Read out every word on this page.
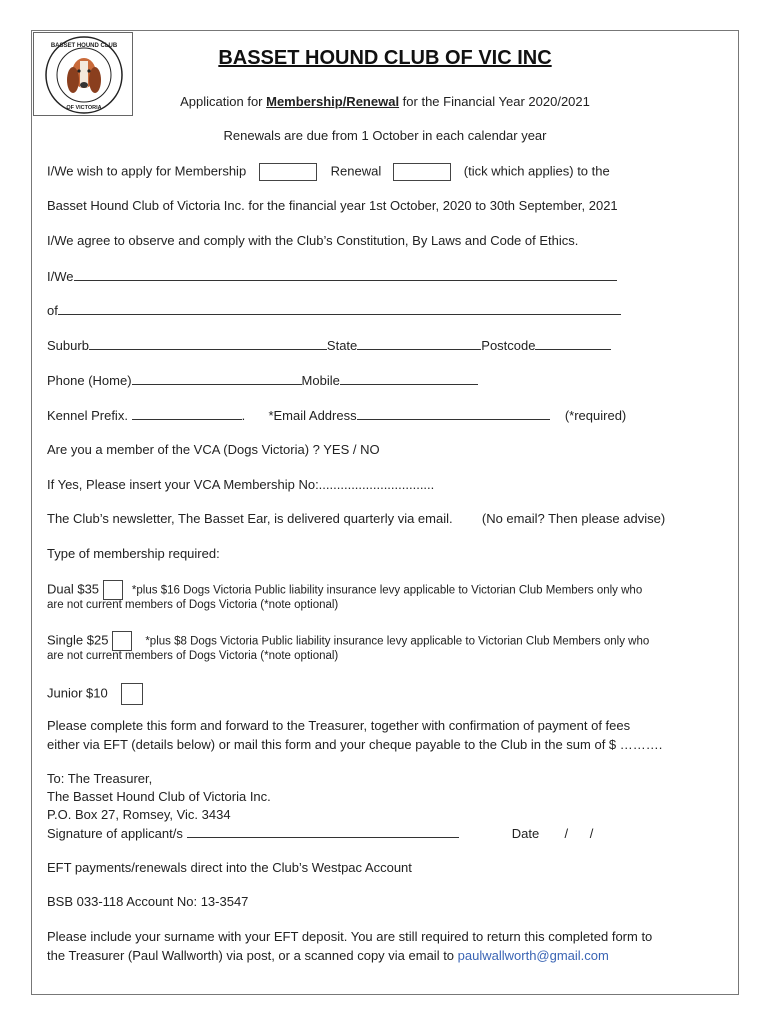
BASSET HOUND CLUB
OF VICTORIA
BASSET HOUND CLUB OF VIC INC
Application for Membership/Renewal for the Financial Year 2020/2021
Renewals are due from 1 October in each calendar year
I/We wish to apply for Membership	Renewal	(tick which applies) to the
Basset Hound Club of Victoria Inc. for the financial year 1st October, 2020 to 30th September, 2021
I/We agree to observe and comply with the Club’s Constitution, By Laws and Code of Ethics.
I/We
of
Suburb	State	Postcode
Phone (Home)	Mobile
Kennel Prefix.	. *Email Address	(*required)
Are you a member of the VCA (Dogs Victoria) ? YES / NO
If Yes, Please insert your VCA Membership No:................................
The Club’s newsletter, The Basset Ear, is delivered quarterly via email. (No email? Then please advise)
Type of membership required:
Dual $35	*plus $16 Dogs Victoria Public liability insurance levy applicable to Victorian Club Members only who
are not current members of Dogs Victoria (*note optional)
Single $25	*plus $8 Dogs Victoria Public liability insurance levy applicable to Victorian Club Members only who
are not current members of Dogs Victoria (*note optional)
Junior $10
Please complete this form and forward to the Treasurer, together with confirmation of payment of fees
either via EFT (details below) or mail this form and your cheque payable to the Club in the sum of $ ……….
To: The Treasurer,
The Basset Hound Club of Victoria Inc.
P.O. Box 27, Romsey, Vic. 3434
Signature of applicant/s	Date /      /
EFT payments/renewals direct into the Club’s Westpac Account
BSB 033-118 Account No: 13-3547
Please include your surname with your EFT deposit. You are still required to return this completed form to
the Treasurer (Paul Wallworth) via post, or a scanned copy via email to paulwallworth@gmail.com
